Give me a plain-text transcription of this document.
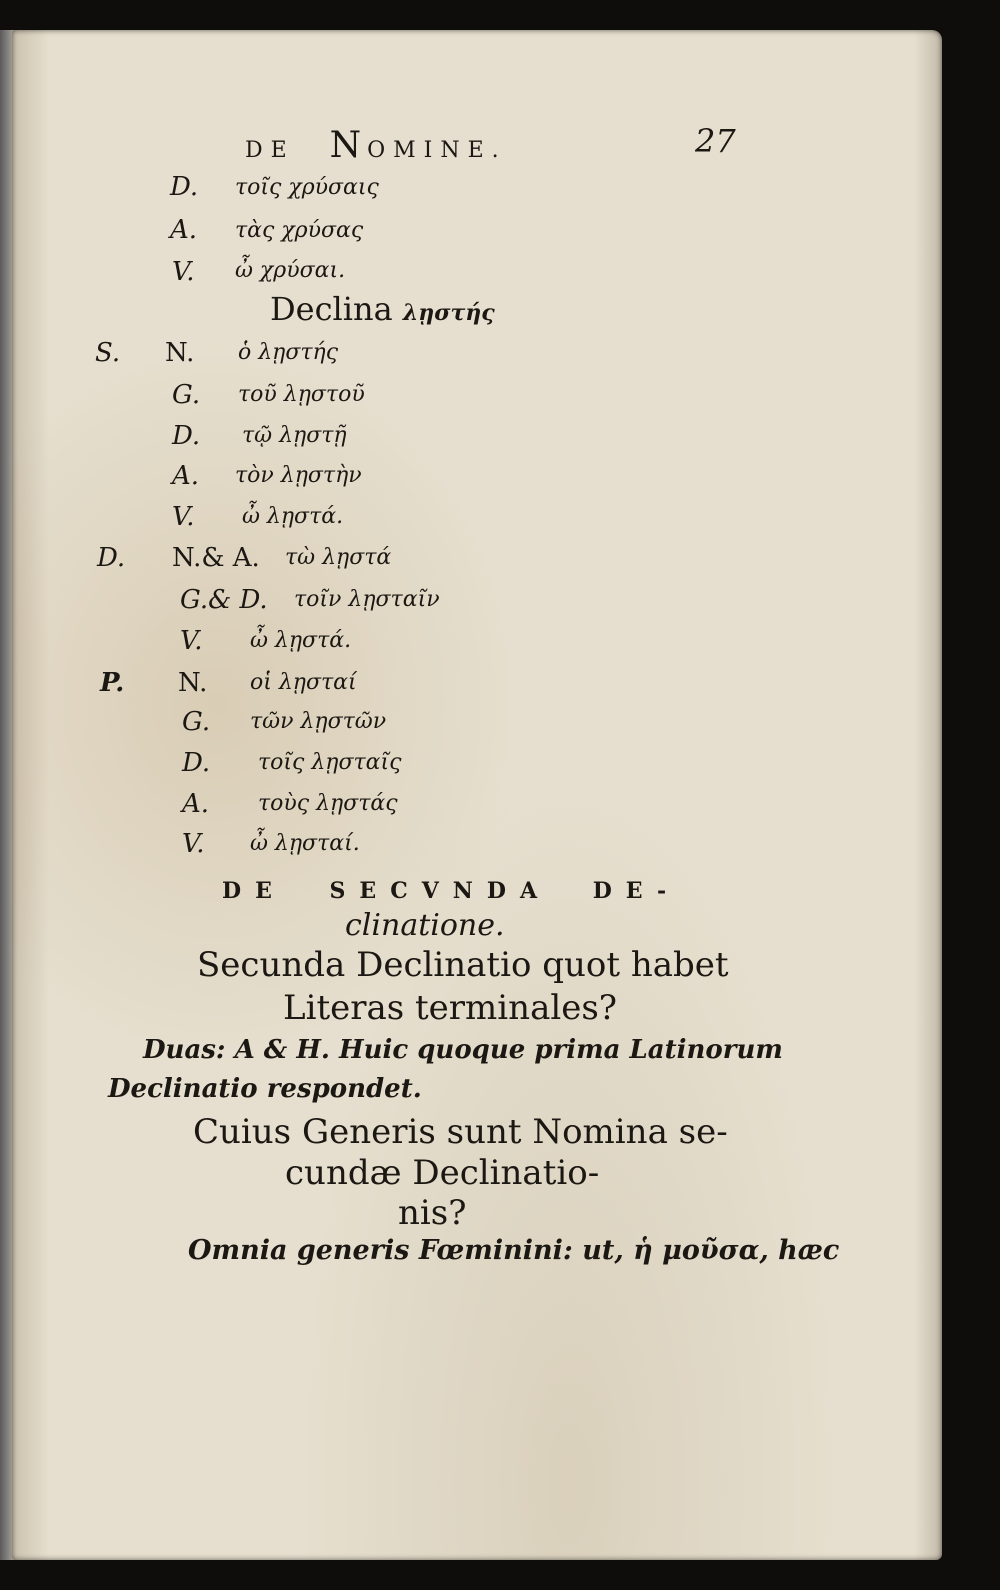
DE NOMINE.	27
D. τοῖς χρύσαις
A. τὰς χρύσας
V. ὦ χρύσαι.
Declina λῃστής
S. N. ὁ λῃστής
G. τοῦ λῃστοῦ
D. τῷ λῃστῇ
A. τὸν λῃστὴν
V. ὦ λῃστά.
D. N.& A. τὼ λῃστά
G.& D. τοῖν λῃσταῖν
V. ὦ λῃστά.
P. N. οἱ λῃσταί
G. τῶν λῃστῶν
D. τοῖς λῃσταῖς
A. τοὺς λῃστάς
V. ὦ λῃσταί.
DE SECVNDA DE-
clinatione.
Secunda Declinatio quot habet
Literas terminales?
Duas: A & H. Huic quoque prima Latinorum
Declinatio respondet.
Cuius Generis sunt Nomina se-
cundæ Declinatio-
nis?
Omnia generis Fœminini: ut, ἡ μοῦσα, hæc
